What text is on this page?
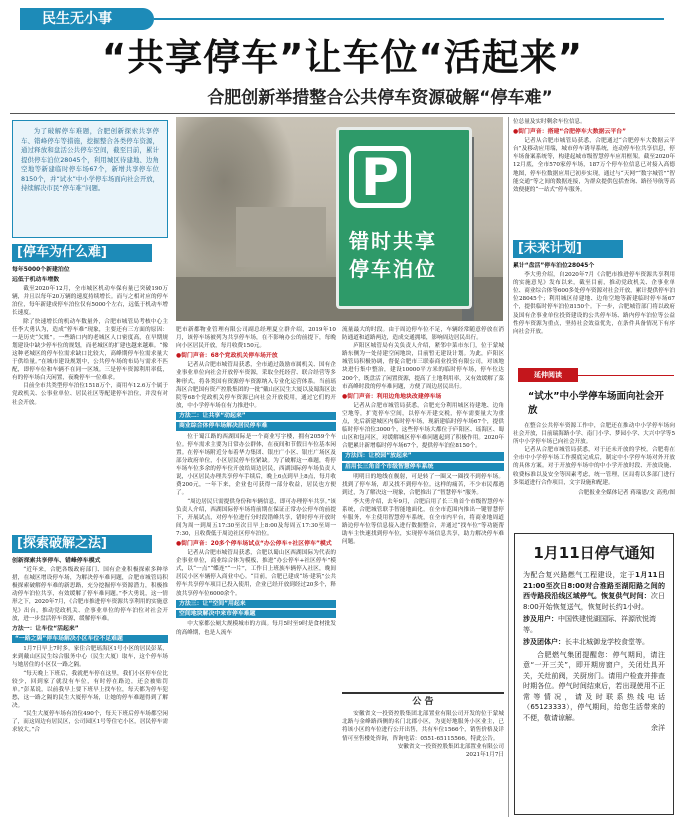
民生无小事
“共享停车”让车位“活起来”
合肥创新举措整合公共停车资源破解“停车难”
为了破解停车难题，合肥创新探索共享停车、错峰停车等措施，挖掘整合各类停车资源，通过释放和盘活公共停车空间，截至目前，累计提供停车泊位28045个，利用城区待建地、边角空地等新建临时停车场67个，新增共享停车位8150个，并“试水”中小学停车场面向社会开放，持续解决市民“停车难”问题。	P
错时共享
停车泊位
[停车为什么难]
每年5000个新建泊位
远低于机动车增数

截至2020年12月，全市城区机动车保有量已突破190万辆，并且以每年20万辆的速度持续增长。而与之相对应的停车泊位，每年新建成停车泊位仅有5000个左右，远低于机动车增长速度。

除了快速增长的机动车数量外，合肥市城管局考核中心主任李大勇认为，造成“停车难”现象，主要还有三方面的原因：一是历史“欠账”。一些路口内的老城区人口密度高，在早期规划建设中缺少停车位的规划，而老城区的扩建也越来越难。“像这种老城区的停车位需求缺口比较大，高峰期停车位需求量大于供给量。”在城市建设规划中，公共停车场的布局与需求不匹配，即停车位和车辆不在同一区域。三是停车资源利用率低，有的停车场白天闲置，夜晚停车一位难求。

目前全市共类型停车泊位1518万个，商用车12.6万个属于党政机关、公事业单位、居民社区等配建停车泊位，并没有对社会开放。

[探索破解之法]
创新探索共享停车、错峰停车模式

“近年来，合肥各级政府部门、国有企业积极探索多种举措，在城区增设停车场，为解决停车难问题，合肥市城管局积极探索破解停车难的新思路，充分挖掘停车资源潜力，积极推动停车泊位共享，有效缓解了停车难问题。”李大勇说，这一情形之下，2020年7月，《合肥市推进停车资源共享利用的实施意见》出台，推动党政机关、企事业单位的停车泊位对社会开放，进一步盘活停车资源，缓解停车难。

方法一：让车位“活起来”
“一路之隔”停车场解决小区车位不足难题

1月7日早上7时多，家住合肥瑶海区1号小区的居民彭某，来到戴山区民生综合服务中心（民生大厦）取车，这个停车场与她居住的小区仅一路之隔。

“每天晚上下班后，我就把车停在这里，我们小区停车位比较少，回到家了就没有车位，有时停在路边，还会被贴罚单。”彭某说，以前我早上要下班早上找车位，每天都为停车犯愁，这一路之隔的民生大厦停车场，让她的停车难题得到了解决。

“民生大厦停车场有泊位490个，每天下班后停车场都空闲了，而这周边有居民区，公司园区1号等住宅小区，居民停车需求较大。”合

肥市新都物业管理有限公司副总经理夏立群介绍，2019年10月，该停车场被列为共享停车场，在不影响办公的前提下，每晚向小区居民开放，每月收费150元。

●街门声音：68个党政机关停车场开放

记者从合肥市城管局获悉，全市通过鼓励市属机关、国有企业事业单位向社会开放停车资源，采取全托经营、联合经营等多种形式，将各类国有资源停车资源纳入专业化运营体系。当前瑶海区合肥国有资产控股集团的一批“戴山区民生大厦以及蜀海区法院等68个党政机关停车资源已向社会开放使用，通过它们的开放，中小学停车场在有力推进中。

方法二：让共享“动起来”
商业综合体停车场解决居民停车难

位于蜀江路的西湖国际是一个商业写字楼，拥有2059个车位。停车需求主要为日常办公群体，在夜间和节假日车位基本闲置。在停车场附近分布着华力集团、银庄广小区、银庄广场区及部分政府单位，小区居民停车位紧缺。为了破解这一难题，将停车场车位多余的停车位开放给周边居民，西湖国际停车场负责人说，小区居民办理共享停车手续后，晚上6点到早上8点，每月收费200元，一年下来，企业也可获得一部分收益，居民也方便了。

“周边居民只需提供身份和车辆信息，即可办理停车共享。”该负责人介绍，西湖国际停车场将前期在保证正常办公停车的前提下，开展试点，对停车位进行分时段错峰共享，错时停车开放时间为周一到周五17:30至次日早上8:00及每周五17:30至周一7:30，且收费低于周边社区停车泊位。

●街门声音：20多个停车场试点“办公停车+社区停车”模式

记者从合肥市城管局获悉，合肥以蜀山区西湖国际为代表的企事业单位，商业综合体为模板，推进“办公停车+社区停车”模式，以“一点”“蝶连”“一片”，工作日上班族车辆停入社区，晚间居民小区车辆停入商业中心。“目前，合肥已建成“场·建筑”公共停车共享停车项目已投入使用，企业已经开放到经过20多个，释放共享停车位6000余个。

方法三：让“空间”用起来
空间地块解决中来市停车难题

中大家都公厕大规模城市的方面。每月5时至9时是食材批发的高峰期，也是人流车

流量最大的时段。由于周边停车位不足，车辆经常随意停放在消防通道和道路两边，造成交通拥堵，影响周边居民出行。

庐阳区城管局有关负责人介绍，紧邻中菜市东门，位于蒙城路东侧为一处待建空闲地块，目前暂无建设计划。为此，庐阳区城管局积极协调，督促合肥市三联泰商业投资有限公司，对该地块进行集中整治，建设10000平方米的临时停车场，停车位达200个，既盘活了闲置资源，提高了土地利用率，又有效缓解了菜市高峰时段的停车难问题，方便了周边居民出行。

●街门声音：利用边角地块改建停车场

记者从合肥市城管局获悉，合肥充分利用城区待建地、边角空地等，扩宽停车空间，以停车开建交税，停车需要量大为重点，先后新建城区内临时停车场，现新建临时停车场67个，提供临时停车泊位3000个，这些停车场大都位于庐阳区、瑶海区、蜀山区和包河区，对缓解城区停车难问题起到了积极作用。2020年合肥累计新增临时停车场67个，提供停车泊位8150个。

方法四：让校园“放起来”
启用长三角首个市级智慧停车系统

明明日的地线在舰射，可是转了一圈又一圈找不到停车场。找到了停车场，却又找不到停车位。这样的痛苦，不少市民都遇到过，为了解决这一现象，合肥推出了“智慧停车”服务。

李大勇介绍，去年9月，合肥启用了长三角首个市级智慧停车系统，合肥城管联手智能地面化，在全市范围内推出一键智慧停车服务，车主使用智慧停车系统，在全市内平台，将商业地周道路边停车位等信息接入进行数据整合，并通过“找车位”等功能帮助车主快速找到停车位，实现停车场信息共享，助力解决停车难问题。

公 告
安徽省文一投资控股集团北部置业有限公司开发的位于蒙城北路与金峰路西侧的名门北郡小区，为更好地服务小区业主，已将该小区的车位进行公开出售，共有车位1566个，销售价格及详情可至售楼处咨询，咨询电话：0551-65115566。特此公告。
安徽省文一投资控股集团北部置业有限公司
2021年1月7日

位总量及实时剩余车位信息。

●街门声音：搭建“合肥停车大数据云平台”

记者从合肥市城管局获悉，合肥通过“合肥停车大数据云平台”及移动应用端，城市停车诱导系统，连动停车位共享信息，停车场备案系统等，构建起城市级智慧停车应用框架。截至2020年12月底，全市570家停车场，187万个停车位信息已对接入高德地图，停车位数据应用已初步实现，通过与“天网”“数字城管”“智能交通”等之间的数据连接，为群众提供包括查询、路径导航等高效便捷的“一站式”停车服务。

[未来计划]
累计“盘活”停车泊位28045个

李大勇介绍，自2020年7月《合肥市推进停车资源共享利用的实施意见》发布以来，截至目前，推动党政机关、企事业单位、商业综合体等600多处停车资源对社会开放，累计提供停车泊位28045个；利用城区待建地、边角空地等新建临时停车场67个，提供临时停车泊位8150个。下一步，合肥城管部门将以政府及国有企事业单位投资建设的公共停车场、路内停车泊位等公益性停车资源为重点，坚持社会效益优先，在条件具备情况下有序向社会开放。

延伸阅读
“试水”中小学停车场面向社会开放

在整合公共停车资源工作中，合肥还在推动中小学停车场向社会开放，目前瑞海路小学、南门小学、梦园小学、大兴中学等5所中小学停车场已向社会开放。

记者从合肥市城管局获悉，对于还未开放的学校，合肥将在全市中小学停车场工作摸底完成后，制定中小学停车场对外开放的具体方案。对于开放停车场中的中小学开放时段、开放设施、收费标准以及安全等因素考虑，统一管理，区局将以多部门进行多渠道进行合作项目，文字设施和配建。

合肥报业全媒体记者 蒋瑞恩/文 高勇/图
1月11日停气通知
为配合复兴路燃气工程建设，定于1月11日21:00至次日8:00对合淮路至湖阳路之间的西寺路段沿线区域停气。恢复供气时间：次日8:00开始恢复送气，恢复时长约1小时。
涉及用户：中国铁建悦湖国际、祥源欣悦湾等。
涉及团体户：长丰北城御龙学校食堂等。
合肥燃气集团提醒您：停气期间，请注意“一开三关”，即开期房窗户，关闭灶具开关，关灶前阀，关厨房门。请用户检查并排查时期各位。停气时间结束后，若出现使用不正常等情况，请及时联系热线电话（65123333），停气期间，给您生活带来的不便，敬请谅解。
余洋
